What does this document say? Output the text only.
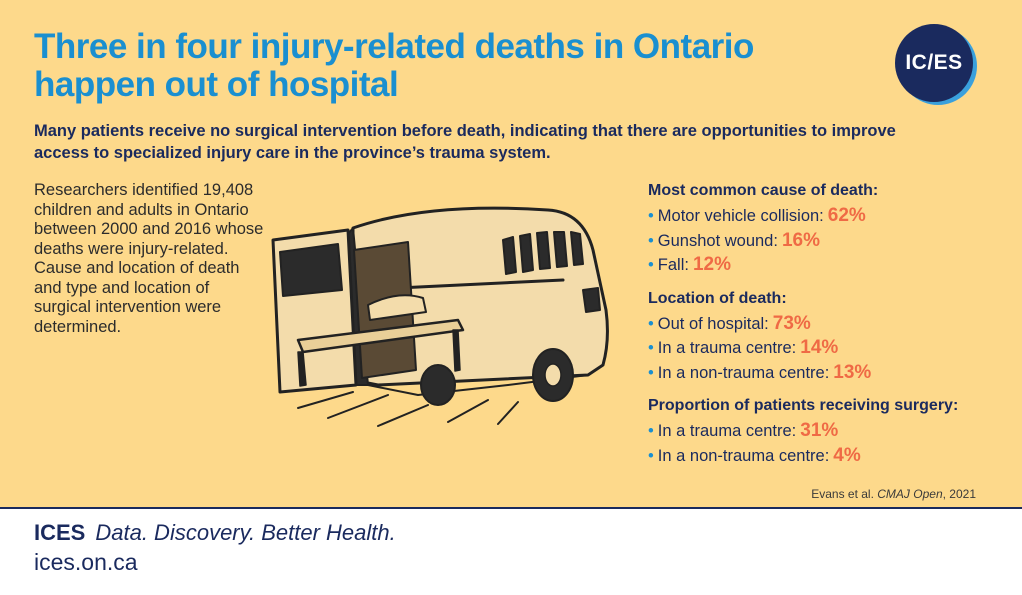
Three in four injury-related deaths in Ontario happen out of hospital
IC/ES

Many patients receive no surgical intervention before death, indicating that there are opportunities to improve access to specialized injury care in the province’s trauma system.

Researchers identified 19,408 children and adults in Ontario between 2000 and 2016 whose deaths were injury-related. Cause and location of death and type and location of surgical intervention were determined.

Most common cause of death:
• Motor vehicle collision: 62%
• Gunshot wound: 16%
• Fall: 12%
Location of death:
• Out of hospital: 73%
• In a trauma centre: 14%
• In a non-trauma centre: 13%
Proportion of patients receiving surgery:
• In a trauma centre: 31%
• In a non-trauma centre: 4%
Evans et al. CMAJ Open, 2021
ICES Data. Discovery. Better Health.
ices.on.ca
